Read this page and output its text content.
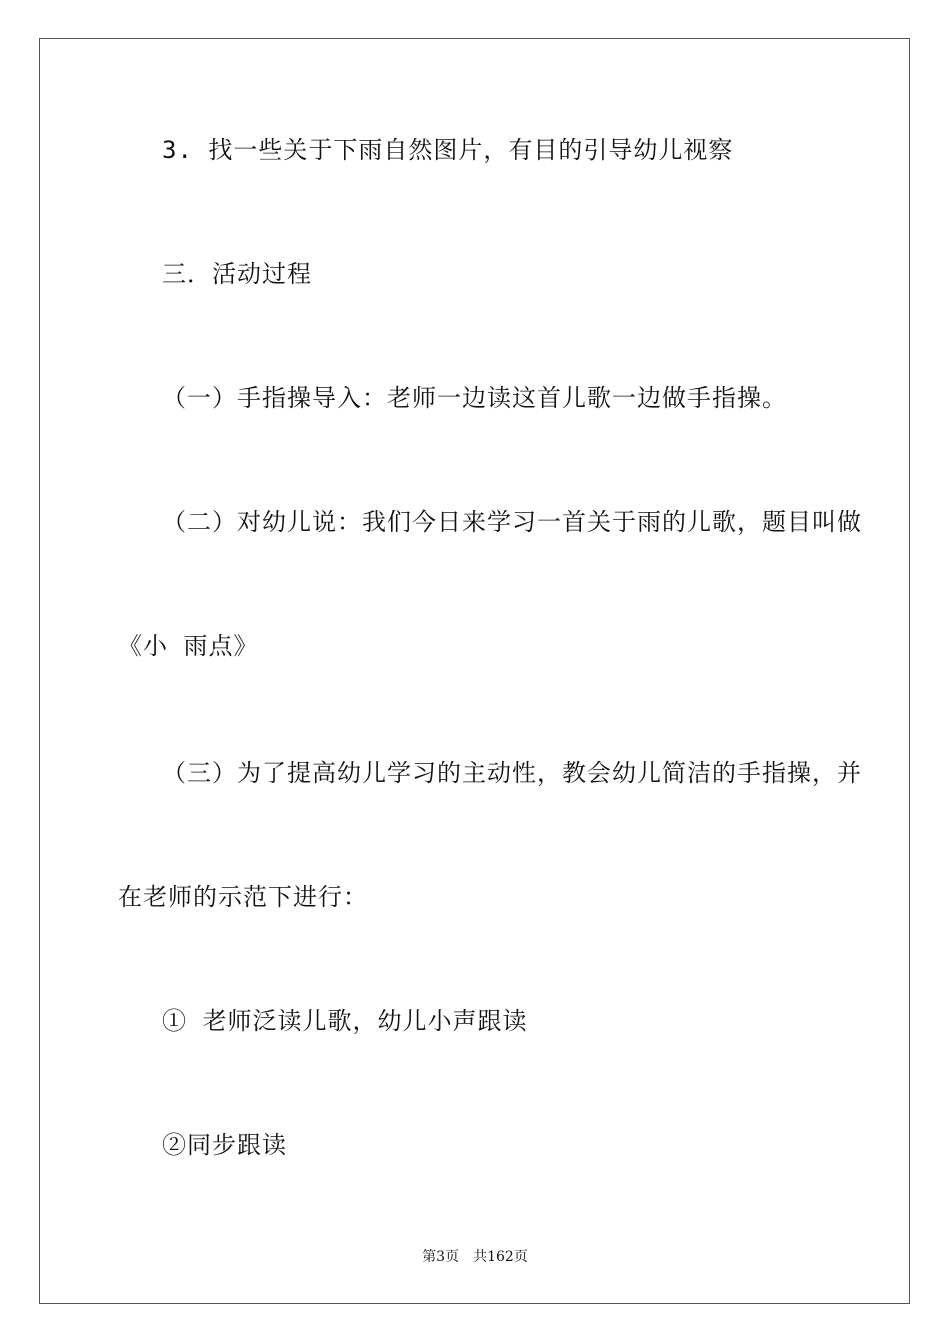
3. 找一些关于下雨自然图片，有目的引导幼儿视察
三．活动过程
（一）手指操导入：老师一边读这首儿歌一边做手指操。
（二）对幼儿说：我们今日来学习一首关于雨的儿歌，题目叫做
《小 雨点》
（三）为了提高幼儿学习的主动性，教会幼儿简洁的手指操，并
在老师的示范下进行：
① 老师泛读儿歌，幼儿小声跟读
②同步跟读
第3页 共162页
